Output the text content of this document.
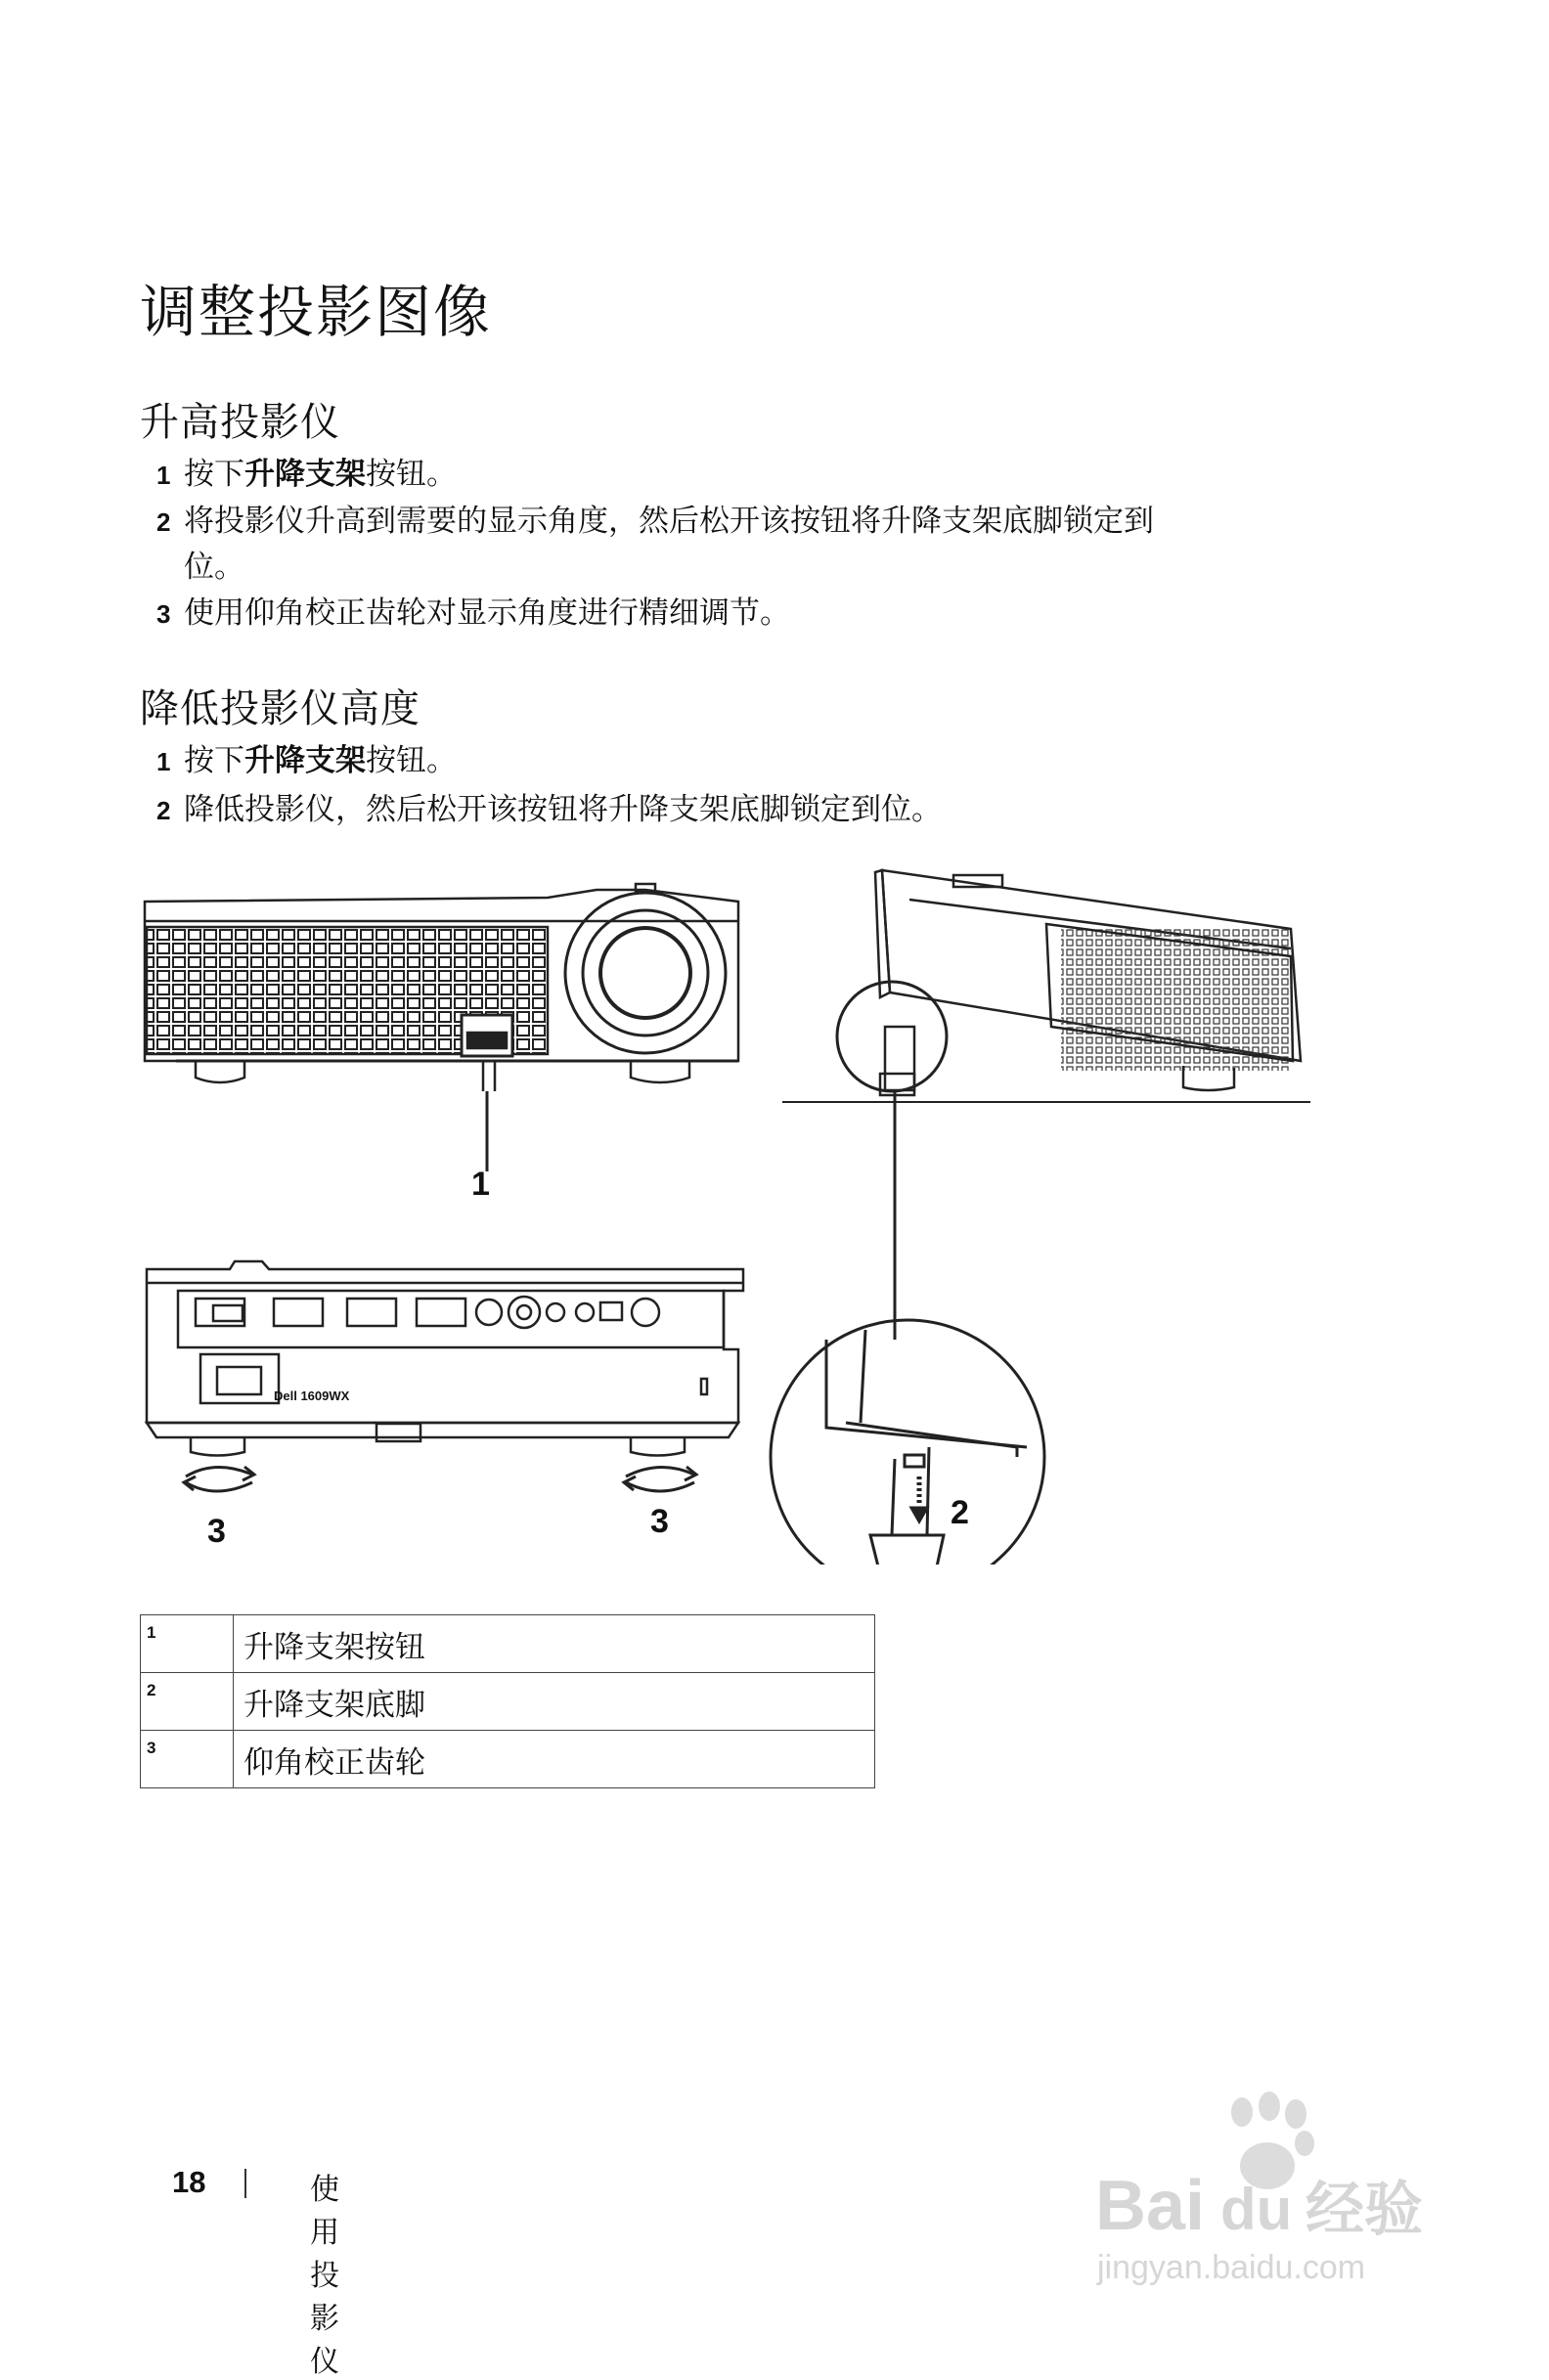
调整投影图像
升高投影仪
1 按下升降支架按钮。
2 将投影仪升高到需要的显示角度，然后松开该按钮将升降支架底脚锁定到
位。
3 使用仰角校正齿轮对显示角度进行精细调节。
降低投影仪高度
1 按下升降支架按钮。
2 降低投影仪，然后松开该按钮将升降支架底脚锁定到位。
1
Dell 1609WX
3	3	2
1	升降支架按钮
2	升降支架底脚
3	仰角校正齿轮
18	使用投影仪
Bai du 经验
jingyan.baidu.com
